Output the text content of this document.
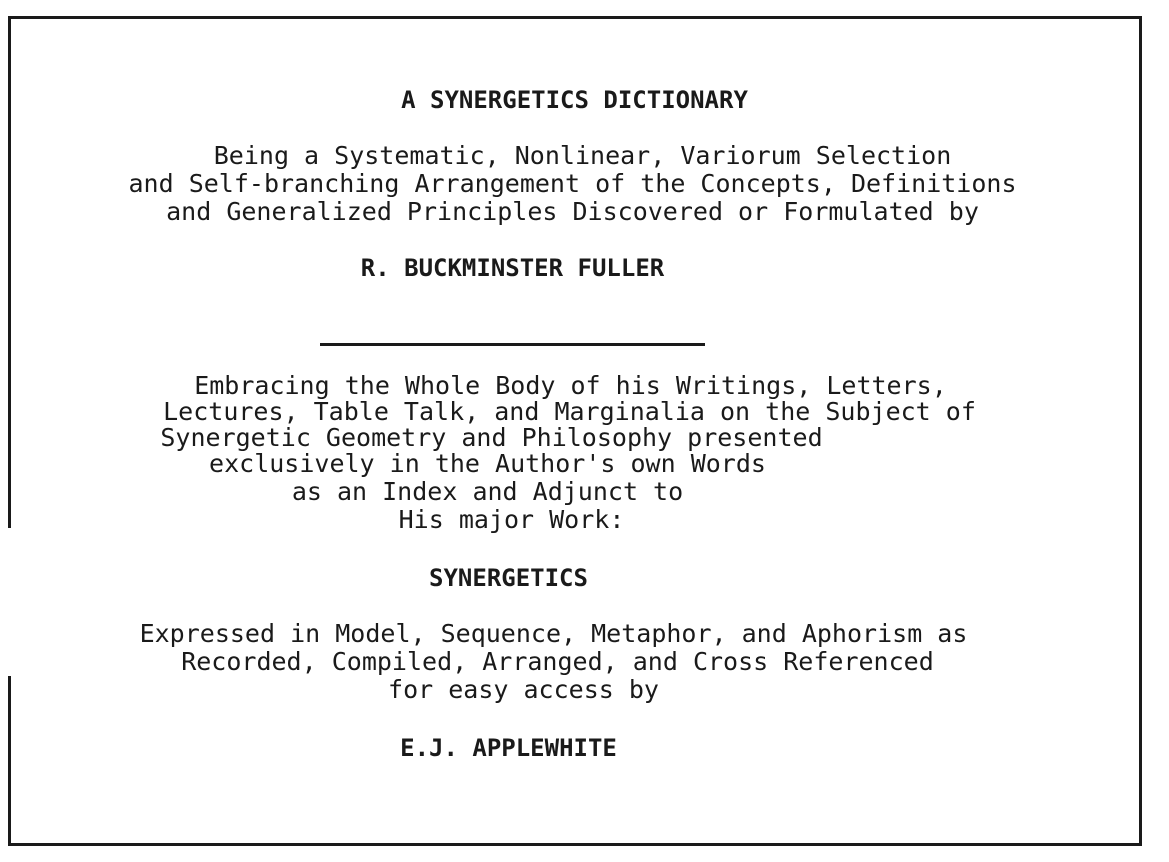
A SYNERGETICS DICTIONARY
Being a Systematic, Nonlinear, Variorum Selection
and Self-branching Arrangement of the Concepts, Definitions
and Generalized Principles Discovered or Formulated by
R. BUCKMINSTER FULLER
Embracing the Whole Body of his Writings, Letters,
Lectures, Table Talk, and Marginalia on the Subject of
Synergetic Geometry and Philosophy presented
exclusively in the Author's own Words
as an Index and Adjunct to
His major Work:
SYNERGETICS
Expressed in Model, Sequence, Metaphor, and Aphorism as
Recorded, Compiled, Arranged, and Cross Referenced
for easy access by
E.J. APPLEWHITE
